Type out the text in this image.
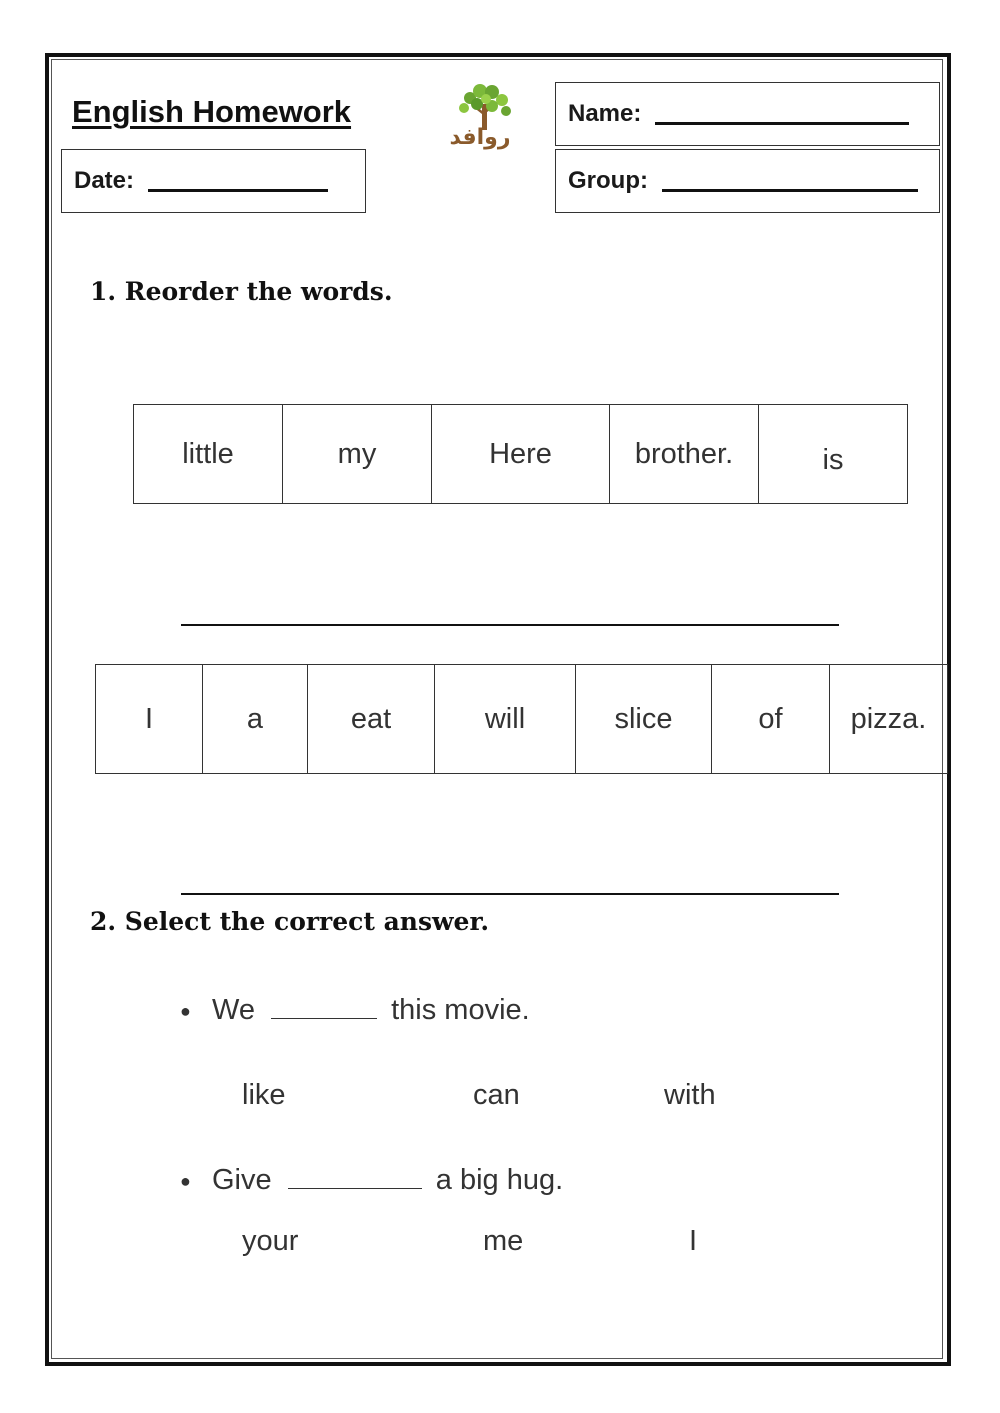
English Homework	Name:
Date:	Group:
روافد
1. Reorder the words.
little	my	Here	brother.	is
I	a	eat	will	slice	of	pizza.
2. Select the correct answer.
● We	this movie.
like	can	with
● Give	a big hug.
your	me	I
